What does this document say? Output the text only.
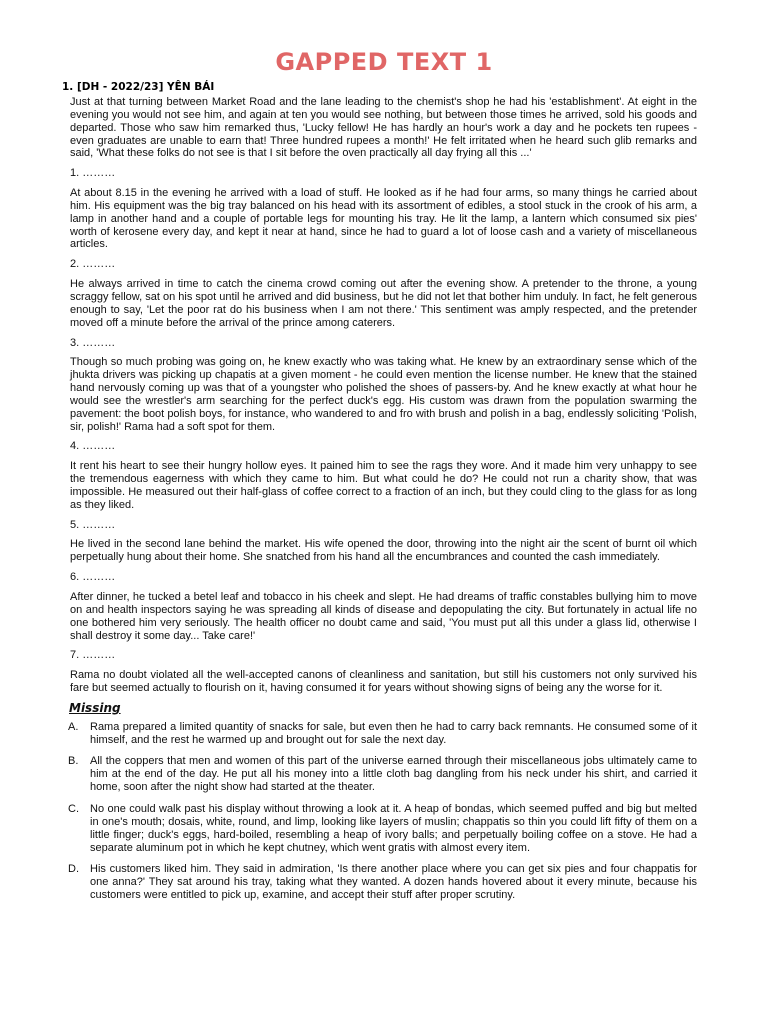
GAPPED TEXT 1
1. [DH - 2022/23] YÊN BÁI

Just at that turning between Market Road and the lane leading to the chemist's shop he had his 'establishment'. At eight in the evening you would not see him, and again at ten you would see nothing, but between those times he arrived, sold his goods and departed. Those who saw him remarked thus, 'Lucky fellow! He has hardly an hour's work a day and he pockets ten rupees - even graduates are unable to earn that! Three hundred rupees a month!' He felt irritated when he heard such glib remarks and said, 'What these folks do not see is that I sit before the oven practically all day frying all this ...'

1. ………

At about 8.15 in the evening he arrived with a load of stuff. He looked as if he had four arms, so many things he carried about him. His equipment was the big tray balanced on his head with its assortment of edibles, a stool stuck in the crook of his arm, a lamp in another hand and a couple of portable legs for mounting his tray. He lit the lamp, a lantern which consumed six pies' worth of kerosene every day, and kept it near at hand, since he had to guard a lot of loose cash and a variety of miscellaneous articles.

2. ………

He always arrived in time to catch the cinema crowd coming out after the evening show. A pretender to the throne, a young scraggy fellow, sat on his spot until he arrived and did business, but he did not let that bother him unduly. In fact, he felt generous enough to say, 'Let the poor rat do his business when I am not there.' This sentiment was amply respected, and the pretender moved off a minute before the arrival of the prince among caterers.

3. ………

Though so much probing was going on, he knew exactly who was taking what. He knew by an extraordinary sense which of the jhukta drivers was picking up chapatis at a given moment - he could even mention the license number. He knew that the stained hand nervously coming up was that of a youngster who polished the shoes of passers-by. And he knew exactly at what hour he would see the wrestler's arm searching for the perfect duck's egg. His custom was drawn from the population swarming the pavement: the boot polish boys, for instance, who wandered to and fro with brush and polish in a bag, endlessly soliciting 'Polish, sir, polish!' Rama had a soft spot for them.

4. ………

It rent his heart to see their hungry hollow eyes. It pained him to see the rags they wore. And it made him very unhappy to see the tremendous eagerness with which they came to him. But what could he do? He could not run a charity show, that was impossible. He measured out their half-glass of coffee correct to a fraction of an inch, but they could cling to the glass for as long as they liked.

5. ………

He lived in the second lane behind the market. His wife opened the door, throwing into the night air the scent of burnt oil which perpetually hung about their home. She snatched from his hand all the encumbrances and counted the cash immediately.

6. ………

After dinner, he tucked a betel leaf and tobacco in his cheek and slept. He had dreams of traffic constables bullying him to move on and health inspectors saying he was spreading all kinds of disease and depopulating the city. But fortunately in actual life no one bothered him very seriously. The health officer no doubt came and said, 'You must put all this under a glass lid, otherwise I shall destroy it some day... Take care!'

7. ………

Rama no doubt violated all the well-accepted canons of cleanliness and sanitation, but still his customers not only survived his fare but seemed actually to flourish on it, having consumed it for years without showing signs of being any the worse for it.

Missing
A.	Rama prepared a limited quantity of snacks for sale, but even then he had to carry back remnants. He consumed some of it himself, and the rest he warmed up and brought out for sale the next day.
B.	All the coppers that men and women of this part of the universe earned through their miscellaneous jobs ultimately came to him at the end of the day. He put all his money into a little cloth bag dangling from his neck under his shirt, and carried it home, soon after the night show had started at the theater.
C.	No one could walk past his display without throwing a look at it. A heap of bondas, which seemed puffed and big but melted in one's mouth; dosais, white, round, and limp, looking like layers of muslin; chappatis so thin you could lift fifty of them on a little finger; duck's eggs, hard-boiled, resembling a heap of ivory balls; and perpetually boiling coffee on a stove. He had a separate aluminum pot in which he kept chutney, which went gratis with almost every item.
D.	His customers liked him. They said in admiration, 'Is there another place where you can get six pies and four chappatis for one anna?' They sat around his tray, taking what they wanted. A dozen hands hovered about it every minute, because his customers were entitled to pick up, examine, and accept their stuff after proper scrutiny.
